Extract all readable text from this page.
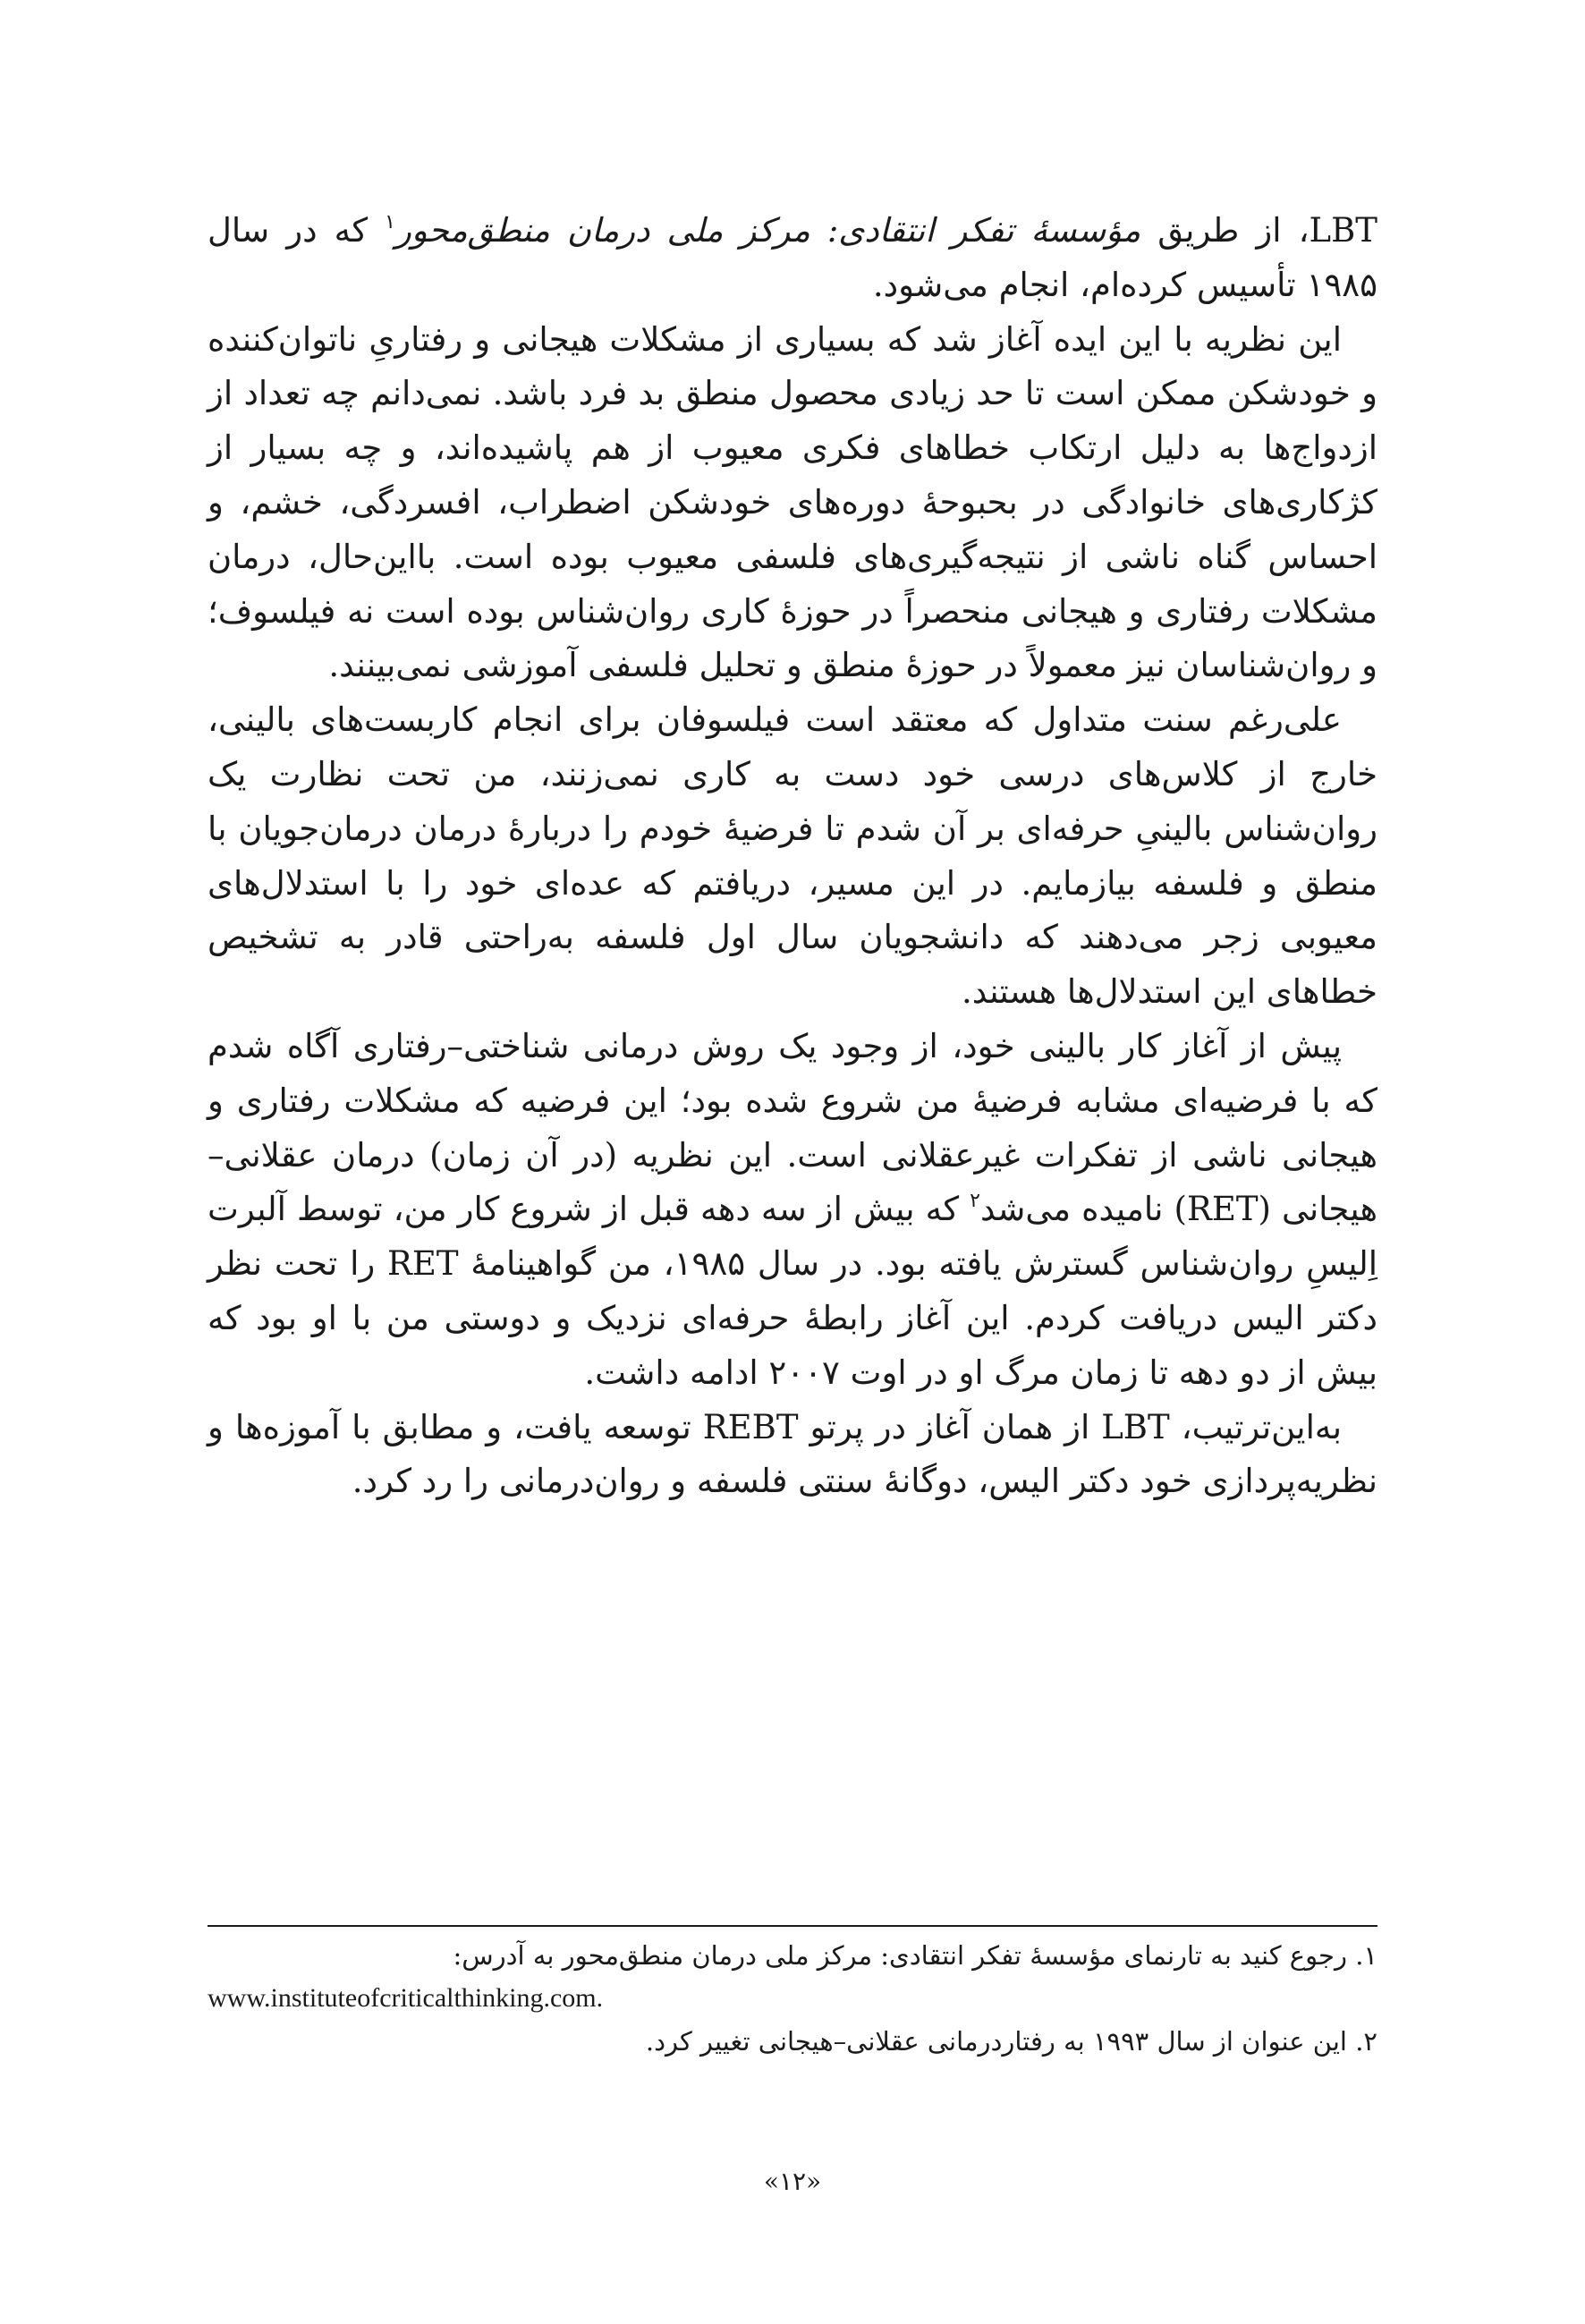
LBT، از طریق مؤسسهٔ تفکر انتقادی: مرکز ملی درمان منطق‌محور$^۱$ که در سال ۱۹۸۵ تأسیس کرده‌ام، انجام می‌شود.

این نظریه با این ایده آغاز شد که بسیاری از مشکلات هیجانی و رفتاریِ ناتوان‌کننده و خودشکن ممکن است تا حد زیادی محصول منطق بد فرد باشد. نمی‌دانم چه تعداد از ازدواج‌ها به دلیل ارتکاب خطاهای فکری معیوب از هم پاشیده‌اند، و چه بسیار از کژکاری‌های خانوادگی در بحبوحهٔ دوره‌های خودشکن اضطراب، افسردگی، خشم، و احساس گناه ناشی از نتیجه‌گیری‌های فلسفی معیوب بوده است. بااین‌حال، درمان مشکلات رفتاری و هیجانی منحصراً در حوزهٔ کاری روان‌شناس بوده است نه فیلسوف؛ و روان‌شناسان نیز معمولاً در حوزهٔ منطق و تحلیل فلسفی آموزشی نمی‌بینند.

علی‌رغم سنت متداول که معتقد است فیلسوفان برای انجام کاربست‌های بالینی، خارج از کلاس‌های درسی خود دست به کاری نمی‌زنند، من تحت نظارت یک روان‌شناس بالینیِ حرفه‌ای بر آن شدم تا فرضیهٔ خودم را دربارهٔ درمان درمان‌جویان با منطق و فلسفه بیازمایم. در این مسیر، دریافتم که عده‌ای خود را با استدلال‌های معیوبی زجر می‌دهند که دانشجویان سال اول فلسفه به‌راحتی قادر به تشخیص خطاهای این استدلال‌ها هستند.

پیش از آغاز کار بالینی خود، از وجود یک روش درمانی شناختی–رفتاری آگاه شدم که با فرضیه‌ای مشابه فرضیهٔ من شروع شده بود؛ این فرضیه که مشکلات رفتاری و هیجانی ناشی از تفکرات غیرعقلانی است. این نظریه (در آن زمان) درمان عقلانی–هیجانی (RET) نامیده می‌شد$^۲$ که بیش از سه دهه قبل از شروع کار من، توسط آلبرت اِلیسِ روان‌شناس گسترش یافته بود. در سال ۱۹۸۵، من گواهینامهٔ RET را تحت نظر دکتر الیس دریافت کردم. این آغاز رابطهٔ حرفه‌ای نزدیک و دوستی من با او بود که بیش از دو دهه تا زمان مرگ او در اوت ۲۰۰۷ ادامه داشت.

به‌این‌ترتیب، LBT از همان آغاز در پرتو REBT توسعه یافت، و مطابق با آموزه‌ها و نظریه‌پردازی خود دکتر الیس، دوگانهٔ سنتی فلسفه و روان‌درمانی را رد کرد.

۱. رجوع کنید به تارنمای مؤسسهٔ تفکر انتقادی: مرکز ملی درمان منطق‌محور به آدرس:
www.instituteofcriticalthinking.com.
۲. این عنوان از سال ۱۹۹۳ به رفتاردرمانی عقلانی–هیجانی تغییر کرد.
«۱۲»
